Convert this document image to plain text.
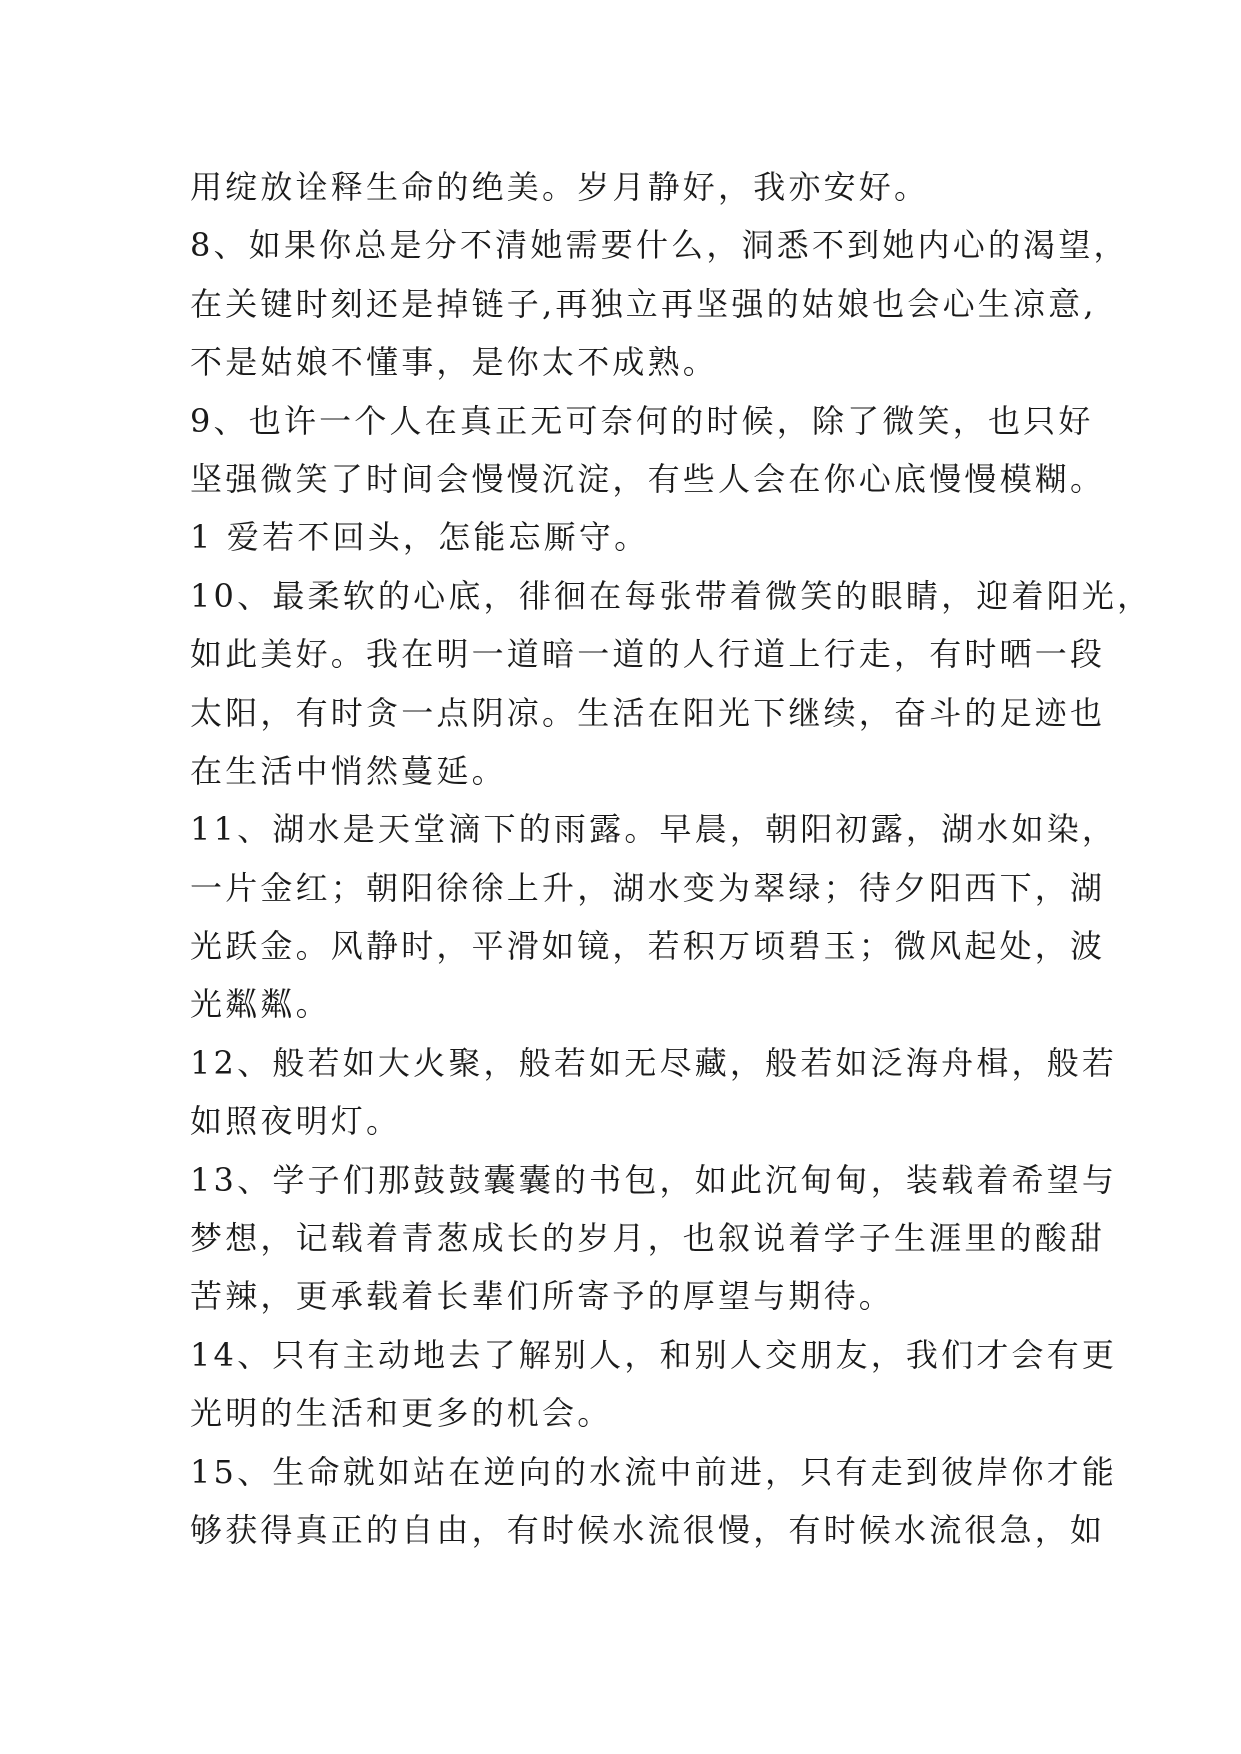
用绽放诠释生命的绝美。岁月静好，我亦安好。
8、如果你总是分不清她需要什么，洞悉不到她内心的渴望，
在关键时刻还是掉链子,再独立再坚强的姑娘也会心生凉意,
不是姑娘不懂事，是你太不成熟。
9、也许一个人在真正无可奈何的时候，除了微笑，也只好
坚强微笑了时间会慢慢沉淀，有些人会在你心底慢慢模糊。
1 爱若不回头，怎能忘厮守。
10、最柔软的心底，徘徊在每张带着微笑的眼睛，迎着阳光，
如此美好。我在明一道暗一道的人行道上行走，有时晒一段
太阳，有时贪一点阴凉。生活在阳光下继续，奋斗的足迹也
在生活中悄然蔓延。
11、湖水是天堂滴下的雨露。早晨，朝阳初露，湖水如染，
一片金红；朝阳徐徐上升，湖水变为翠绿；待夕阳西下，湖
光跃金。风静时，平滑如镜，若积万顷碧玉；微风起处，波
光粼粼。
12、般若如大火聚，般若如无尽藏，般若如泛海舟楫，般若
如照夜明灯。
13、学子们那鼓鼓囊囊的书包，如此沉甸甸，装载着希望与
梦想，记载着青葱成长的岁月，也叙说着学子生涯里的酸甜
苦辣，更承载着长辈们所寄予的厚望与期待。
14、只有主动地去了解别人，和别人交朋友，我们才会有更
光明的生活和更多的机会。
15、生命就如站在逆向的水流中前进，只有走到彼岸你才能
够获得真正的自由，有时候水流很慢，有时候水流很急，如
